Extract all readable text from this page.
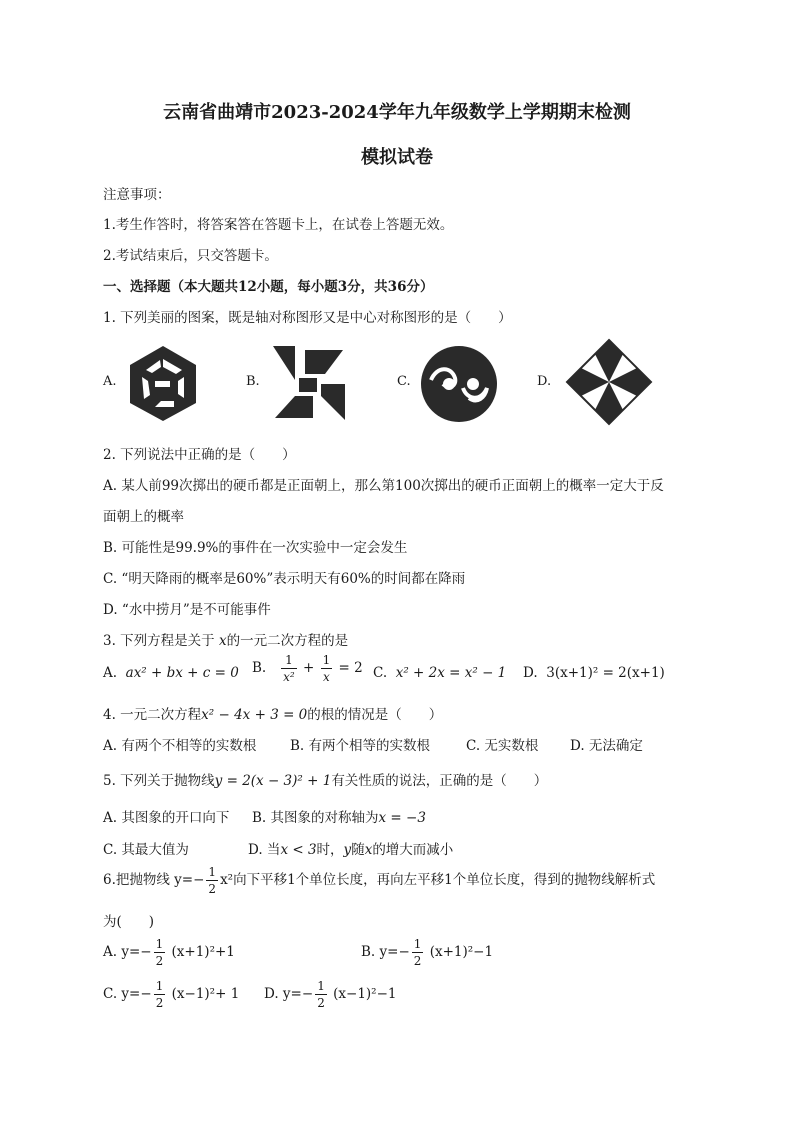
云南省曲靖市2023-2024学年九年级数学上学期期末检测
模拟试卷
注意事项：
1.考生作答时，将答案答在答题卡上，在试卷上答题无效。
2.考试结束后，只交答题卡。
一、选择题（本大题共12小题，每小题3分，共36分）
1. 下列美丽的图案，既是轴对称图形又是中心对称图形的是（　　）
A.	B.	C.	D.
2. 下列说法中正确的是（　　）
A. 某人前99次掷出的硬币都是正面朝上，那么第100次掷出的硬币正面朝上的概率一定大于反
面朝上的概率
B. 可能性是99.9%的事件在一次实验中一定会发生
C. “明天降雨的概率是60%”表示明天有60%的时间都在降雨
D. “水中捞月”是不可能事件
3. 下列方程是关于 x的一元二次方程的是
A. ax² + bx + c = 0 B. $\frac{1}{\text{x²}} + \frac{1}{x} = 2$ C. x² + 2x = x² − 1 D. 3(x+1)² = 2(x+1)
4. 一元二次方程x² − 4x + 3 = 0的根的情况是（　　）
A. 有两个不相等的实数根 B. 有两个相等的实数根	C. 无实数根 D. 无法确定
5. 下列关于抛物线y = 2(x − 3)² + 1有关性质的说法，正确的是（　　）
A. 其图象的开口向下 B. 其图象的对称轴为x = −3
C. 其最大值为	D. 当x < 3时，y随x的增大而减小
6.把抛物线 $y=- \frac{1}{2} x^2$向下平移1个单位长度，再向左平移1个单位长度，得到的抛物线解析式
为(　　)
A. $y=- \frac{1}{2} (x+1)^2+1$	B. $y=- \frac{1}{2} (x+1)^2-1$
C. $y=- \frac{1}{2} (x-1)^2+ 1$ D. $y=- \frac{1}{2} (x-1)^2-1$
